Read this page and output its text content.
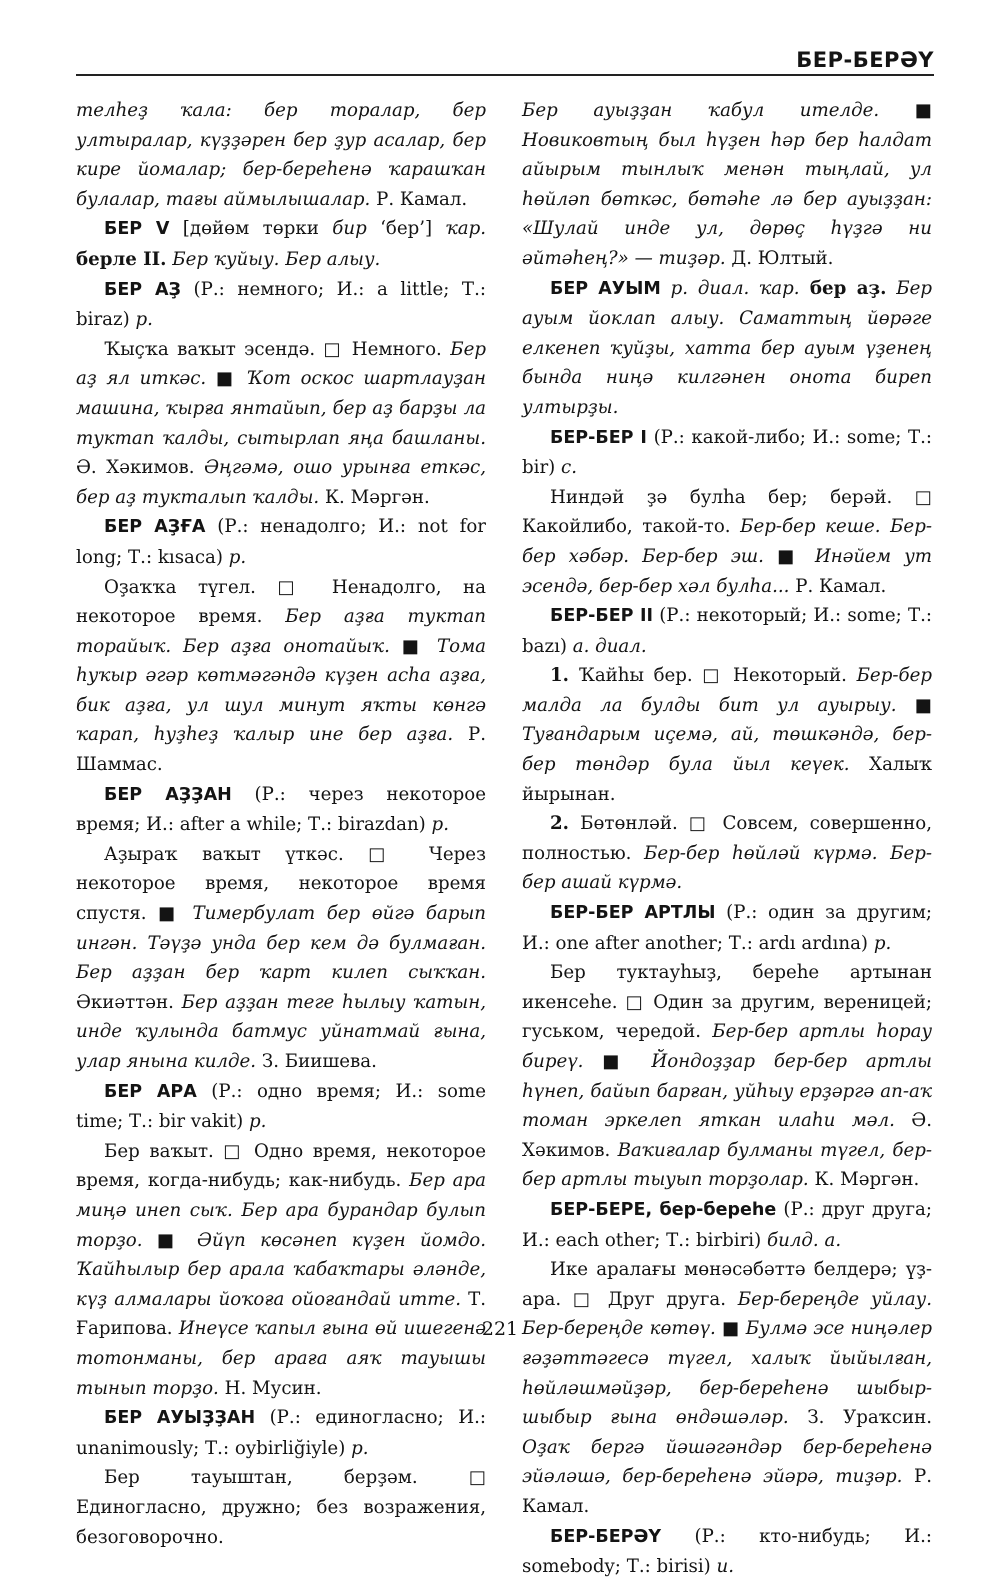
БЕР-БЕРӘҮ

телһеҙ ҡала: бер торалар, бер ултыралар, күҙҙәрен бер ҙур асалар, бер кире йомалар; бер-береһенә ҡарашҡан булалар, тағы аймылышалар. Р. Камал.

БЕР V [дөйөм төрки бир ‘бер’] ҡар. берле II. Бер ҡуйыу. Бер алыу.

БЕР АҘ (Р.: немного; И.: a little; Т.: biraz) р.

Ҡыҫҡа ваҡыт эсендә. □ Немного. Бер аҙ ял иткәс. ■ Ҡот оскос шартлауҙан машина, ҡырға янтайып, бер аҙ барҙы ла туктап ҡалды, сытырлап яңа башланы. Ә. Хәкимов. Әңгәмә, ошо урынға еткәс, бер аҙ тукталып ҡалды. К. Мәргән.

БЕР АҘҒА (Р.: ненадолго; И.: not for long; Т.: kısaca) р.

Оҙаҡҡа түгел. □ Ненадолго, на некоторое время. Бер аҙға туктап торайыҡ. Бер аҙға онотайыҡ. ■ Тома һуҡыр әгәр көтмәгәндә күҙен асһа аҙға, бик аҙға, ул шул минут яҡты көнгә ҡарап, һуҙһеҙ ҡалыр ине бер аҙға. Р. Шаммас.

БЕР АҘҘАН (Р.: через некоторое время; И.: after a while; Т.: birazdan) р.

Аҙыраҡ ваҡыт үткәс. □ Через некоторое время, некоторое время спустя. ■ Тимербулат бер өйгә барып ингән. Тәүҙә унда бер кем дә булмаған. Бер аҙҙан бер ҡарт килеп сыҡҡан. Әкиәттән. Бер аҙҙан теге һылыу ҡатын, инде ҡулында батмус уйнатмай ғына, улар янына килде. З. Биишева.

БЕР АРА (Р.: одно время; И.: some time; Т.: bir vakit) р.

Бер ваҡыт. □ Одно время, некоторое время, когда-нибудь; как-нибудь. Бер ара миңә инеп сыҡ. Бер ара бурандар булып торҙо. ■ Әйүп көсәнеп күҙен йомдо. Ҡайһылыр бер арала ҡабаҡтары әләнде, күҙ алмалары йоҡоға ойоғандай итте. Т. Ғарипова. Инеүсе ҡапыл ғына өй ишегенә тотонманы, бер араға аяҡ тауышы тынып торҙо. Н. Мусин.

БЕР АУЫҘҘАН (Р.: единогласно; И.: unanimously; Т.: oybirliğiyle) р.

Бер тауыштан, берҙәм. □ Единогласно, дружно; без возражения, безоговорочно.

Бер ауыҙҙан ҡабул ителде. ■ Новиковтың был һүҙен һәр бер һалдат айырым тынлыҡ менән тыңлай, ул һөйләп бөткәс, бөтәһе лә бер ауыҙҙан: «Шулай инде ул, дөрөҫ һүҙгә ни әйтәһең?» — тиҙәр. Д. Юлтый.

БЕР АУЫМ р. диал. ҡар. бер аҙ. Бер ауым йоклап алыу. Саматтың йөрәге елкенеп ҡуйҙы, хатта бер ауым үҙенең бында ниңә килгәнен онота биреп ултырҙы.

БЕР-БЕР I (Р.: какой-либо; И.: some; Т.: bir) с.

Ниндәй ҙә булһа бер; берәй. □ Какойлибо, такой-то. Бер-бер кеше. Бер-бер хәбәр. Бер-бер эш. ■ Инәйем ут эсендә, бер-бер хәл булһа... Р. Камал.

БЕР-БЕР II (Р.: некоторый; И.: some; Т.: bazı) а. диал.

1. Ҡайһы бер. □ Некоторый. Бер-бер малда ла булды бит ул ауырыу. ■ Туғандарым иҫемә, ай, төшкәндә, бер-бер төндәр була йыл кеүек. Халыҡ йырынан.

2. Бөтөнләй. □ Совсем, совершенно, полностью. Бер-бер һөйләй күрмә. Бер-бер ашай күрмә.

БЕР-БЕР АРТЛЫ (Р.: один за другим; И.: one after another; Т.: ardı ardına) р.

Бер туктауһыҙ, береһе артынан икенсеһе. □ Один за другим, вереницей; гуськом, чередой. Бер-бер артлы һорау биреү. ■ Йондоҙҙар бер-бер артлы һүнеп, байып барған, уйһыу ерҙәргә ап-аҡ томан эркелеп яткан илаһи мәл. Ә. Хәкимов. Ваҡиғалар булманы түгел, бер-бер артлы тыуып торҙолар. К. Мәргән.

БЕР-БЕРЕ, бер-береһе (Р.: друг друга; И.: each other; Т.: birbiri) билд. а.

Ике аралағы мөнәсәбәттә белдерә; үҙ-ара. □ Друг друга. Бер-береңде уйлау. Бер-береңде көтөү. ■ Булмә эсе ниңәлер ғәҙәттәгесә түгел, халыҡ йыйылған, һөйләшмәйҙәр, бер-береһенә шыбыр-шыбыр ғына өндәшәләр. З. Ураҡсин. Оҙаҡ бергә йәшәгәндәр бер-береһенә эйәләшә, бер-береһенә эйәрә, тиҙәр. Р. Камал.

БЕР-БЕРӘҮ (Р.: кто-нибудь; И.: somebody; Т.: birisi) и.

221
